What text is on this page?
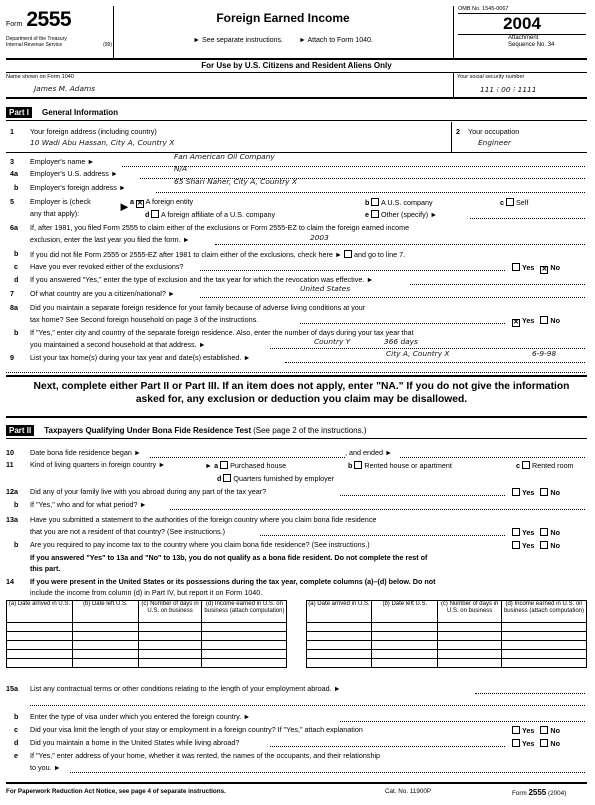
Form 2555
Department of the Treasury
Internal Revenue Service	(99)
Foreign Earned Income
► See separate instructions. ► Attach to Form 1040.
OMB No. 1545-0067
2004
Attachment
Sequence No. 34
For Use by U.S. Citizens and Resident Aliens Only
Name shown on Form 1040
James M. Adams
Your social security number
111 ⁝ 00 ⁝ 1111
Part I General Information
1 Your foreign address (including country)
10 Wadi Abu Hassan, City A, Country X
2 Your occupation
Engineer
3 Employer's name ►
Fan American Oil Company
4a Employer's U.S. address ►
N/A
b Employer's foreign address ►
65 Shari Naher, City A, Country X
5 Employer is (check
any that apply):	► a ✕ A foreign entity	b A U.S. company	c Self
d A foreign affiliate of a U.S. company	e Other (specify) ►
6a If, after 1981, you filed Form 2555 to claim either of the exclusions or Form 2555-EZ to claim the foreign earned income
exclusion, enter the last year you filed the form. ►	2003
b If you did not file Form 2555 or 2555-EZ after 1981 to claim either of the exclusions, check here ► and go to line 7.
c Have you ever revoked either of the exclusions?	Yes ✕ No
d If you answered "Yes," enter the type of exclusion and the tax year for which the revocation was effective. ►
7 Of what country are you a citizen/national? ►
United States
8a Did you maintain a separate foreign residence for your family because of adverse living conditions at your
tax home? See Second foreign household on page 3 of the instructions.	✕ Yes No
b If "Yes," enter city and country of the separate foreign residence. Also, enter the number of days during your tax year that
you maintained a second household at that address. ►	Country Y	366 days
9 List your tax home(s) during your tax year and date(s) established. ►	City A, Country X	6-9-98
Next, complete either Part II or Part III. If an item does not apply, enter "NA." If you do not give the information asked for, any exclusion or deduction you claim may be disallowed.
Part II Taxpayers Qualifying Under Bona Fide Residence Test (See page 2 of the instructions.)
10 Date bona fide residence began ►	, and ended ►
11 Kind of living quarters in foreign country ►	► a Purchased house	b Rented house or apartment	c Rented room
d Quarters furnished by employer
12a Did any of your family live with you abroad during any part of the tax year?	Yes No
b If "Yes," who and for what period? ►
13a Have you submitted a statement to the authorities of the foreign country where you claim bona fide residence
that you are not a resident of that country? (See instructions.)	Yes No
b Are you required to pay income tax to the country where you claim bona fide residence? (See instructions.)	Yes No
If you answered "Yes" to 13a and "No" to 13b, you do not qualify as a bona fide resident. Do not complete the rest of
this part.
14 If you were present in the United States or its possessions during the tax year, complete columns (a)–(d) below. Do not
include the income from column (d) in Part IV, but report it on Form 1040.
(a) Date arrived in U.S.	(b) Date left U.S.	(c) Number of days in U.S. on business	(d) Income earned in U.S. on business (attach computation)		(a) Date arrived in U.S.	(b) Date left U.S.	(c) Number of days in U.S. on business	(d) Income earned in U.S. on business (attach computation)

15a List any contractual terms or other conditions relating to the length of your employment abroad. ►
b Enter the type of visa under which you entered the foreign country. ►
c Did your visa limit the length of your stay or employment in a foreign country? If "Yes," attach explanation	Yes No
d Did you maintain a home in the United States while living abroad?	Yes No
e If "Yes," enter address of your home, whether it was rented, the names of the occupants, and their relationship
to you. ►
For Paperwork Reduction Act Notice, see page 4 of separate instructions.	Cat. No. 11900P	Form 2555 (2004)
